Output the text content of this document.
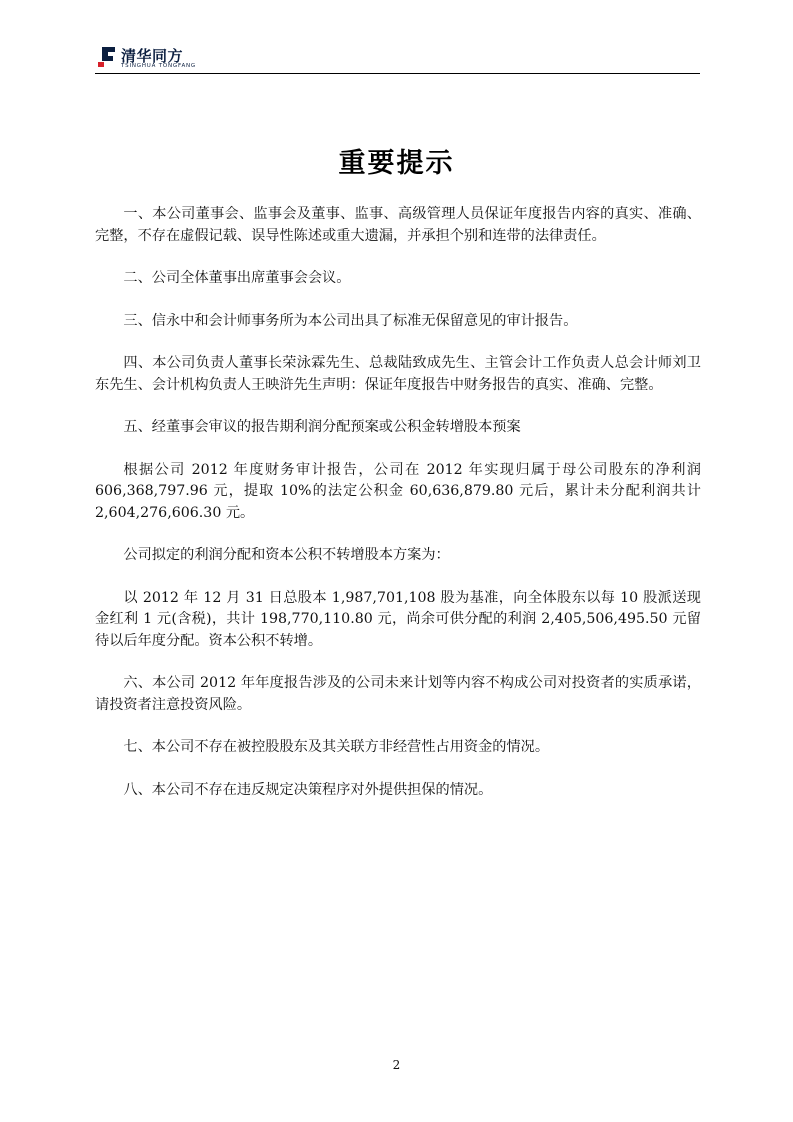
清华同方
TSINGHUA TONGFANG
重要提示

一、本公司董事会、监事会及董事、监事、高级管理人员保证年度报告内容的真实、准确、完整，不存在虚假记载、误导性陈述或重大遗漏，并承担个别和连带的法律责任。

二、公司全体董事出席董事会会议。

三、信永中和会计师事务所为本公司出具了标准无保留意见的审计报告。

四、本公司负责人董事长荣泳霖先生、总裁陆致成先生、主管会计工作负责人总会计师刘卫东先生、会计机构负责人王映浒先生声明：保证年度报告中财务报告的真实、准确、完整。

五、经董事会审议的报告期利润分配预案或公积金转增股本预案

根据公司 2012 年度财务审计报告，公司在 2012 年实现归属于母公司股东的净利润 606,368,797.96 元，提取 10%的法定公积金 60,636,879.80 元后，累计未分配利润共计 2,604,276,606.30 元。

公司拟定的利润分配和资本公积不转增股本方案为：

以 2012 年 12 月 31 日总股本 1,987,701,108 股为基准，向全体股东以每 10 股派送现金红利 1 元(含税)，共计 198,770,110.80 元，尚余可供分配的利润 2,405,506,495.50 元留待以后年度分配。资本公积不转增。

六、本公司 2012 年年度报告涉及的公司未来计划等内容不构成公司对投资者的实质承诺，请投资者注意投资风险。

七、本公司不存在被控股股东及其关联方非经营性占用资金的情况。

八、本公司不存在违反规定决策程序对外提供担保的情况。

2
